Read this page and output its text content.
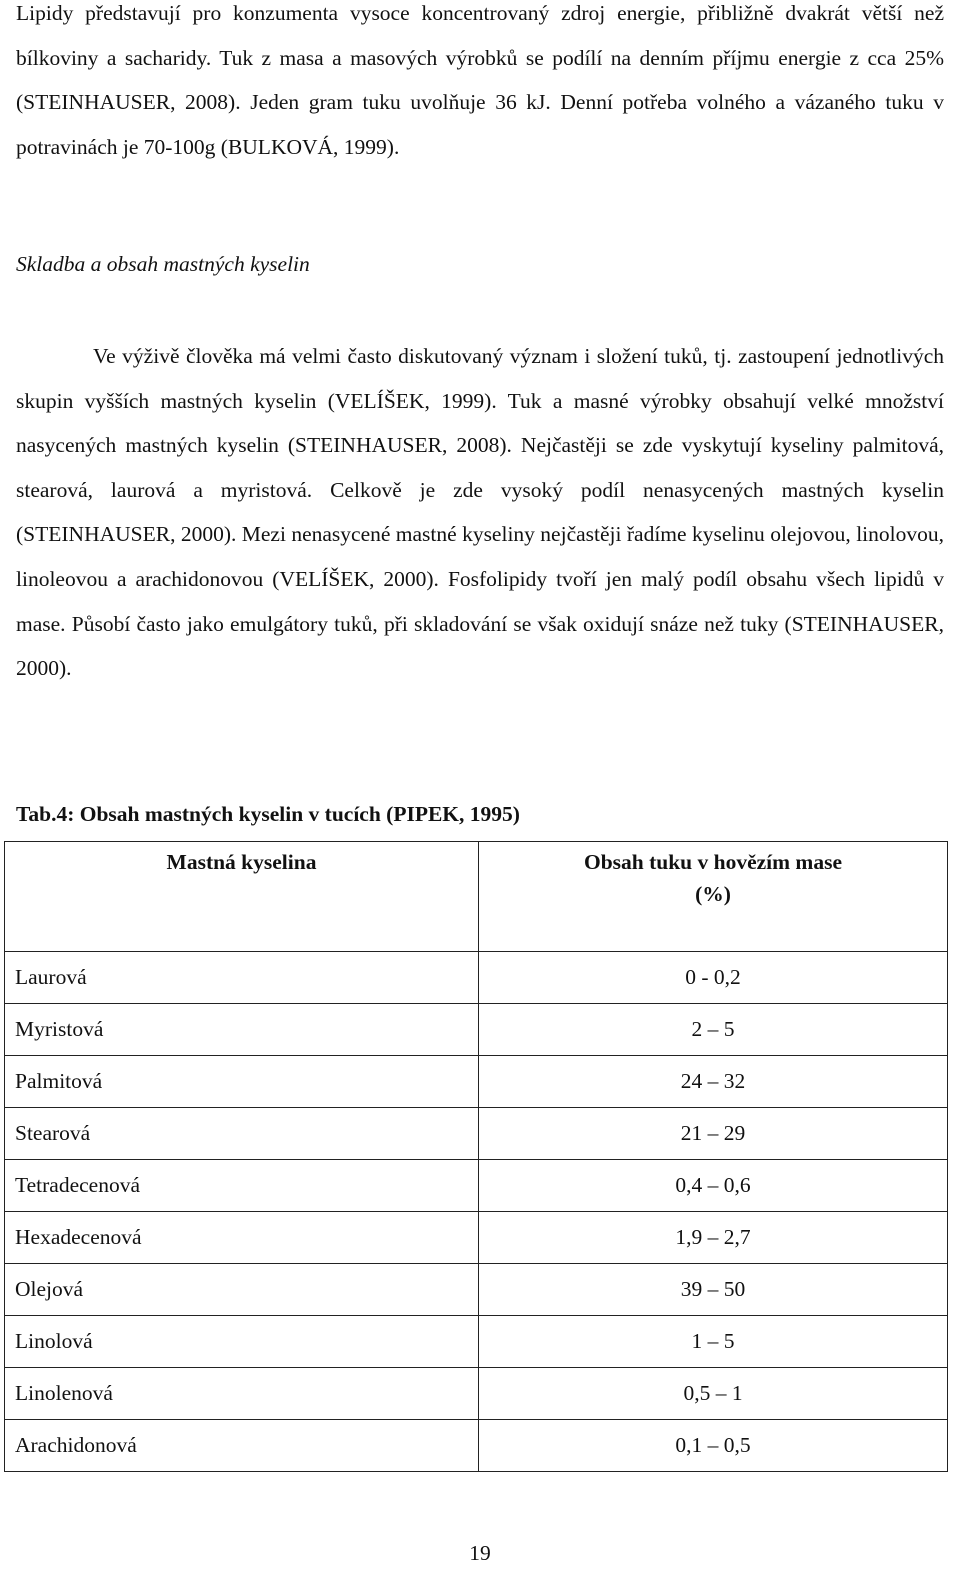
Lipidy představují pro konzumenta vysoce koncentrovaný zdroj energie, přibližně dvakrát větší než bílkoviny a sacharidy. Tuk z masa a masových výrobků se podílí na denním příjmu energie z cca 25% (STEINHAUSER, 2008). Jeden gram tuku uvolňuje 36 kJ. Denní potřeba volného a vázaného tuku v potravinách je 70-100g (BULKOVÁ, 1999).

Skladba a obsah mastných kyselin

Ve výživě člověka má velmi často diskutovaný význam i složení tuků, tj. zastoupení jednotlivých skupin vyšších mastných kyselin (VELÍŠEK, 1999). Tuk a masné výrobky obsahují velké množství nasycených mastných kyselin (STEINHAUSER, 2008). Nejčastěji se zde vyskytují kyseliny palmitová, stearová, laurová a myristová. Celkově je zde vysoký podíl nenasycených mastných kyselin (STEINHAUSER, 2000). Mezi nenasycené mastné kyseliny nejčastěji řadíme kyselinu olejovou, linolovou, linoleovou a arachidonovou (VELÍŠEK, 2000). Fosfolipidy tvoří jen malý podíl obsahu všech lipidů v mase. Působí často jako emulgátory tuků, při skladování se však oxidují snáze než tuky (STEINHAUSER, 2000).

Tab.4: Obsah mastných kyselin v tucích (PIPEK, 1995)

Mastná kyselina	Obsah tuku v hovězím mase
(%)

Laurová	0 - 0,2
Myristová	2 – 5
Palmitová	24 – 32
Stearová	21 – 29
Tetradecenová	0,4 – 0,6
Hexadecenová	1,9 – 2,7
Olejová	39 – 50
Linolová	1 – 5
Linolenová	0,5 – 1
Arachidonová	0,1 – 0,5

19
